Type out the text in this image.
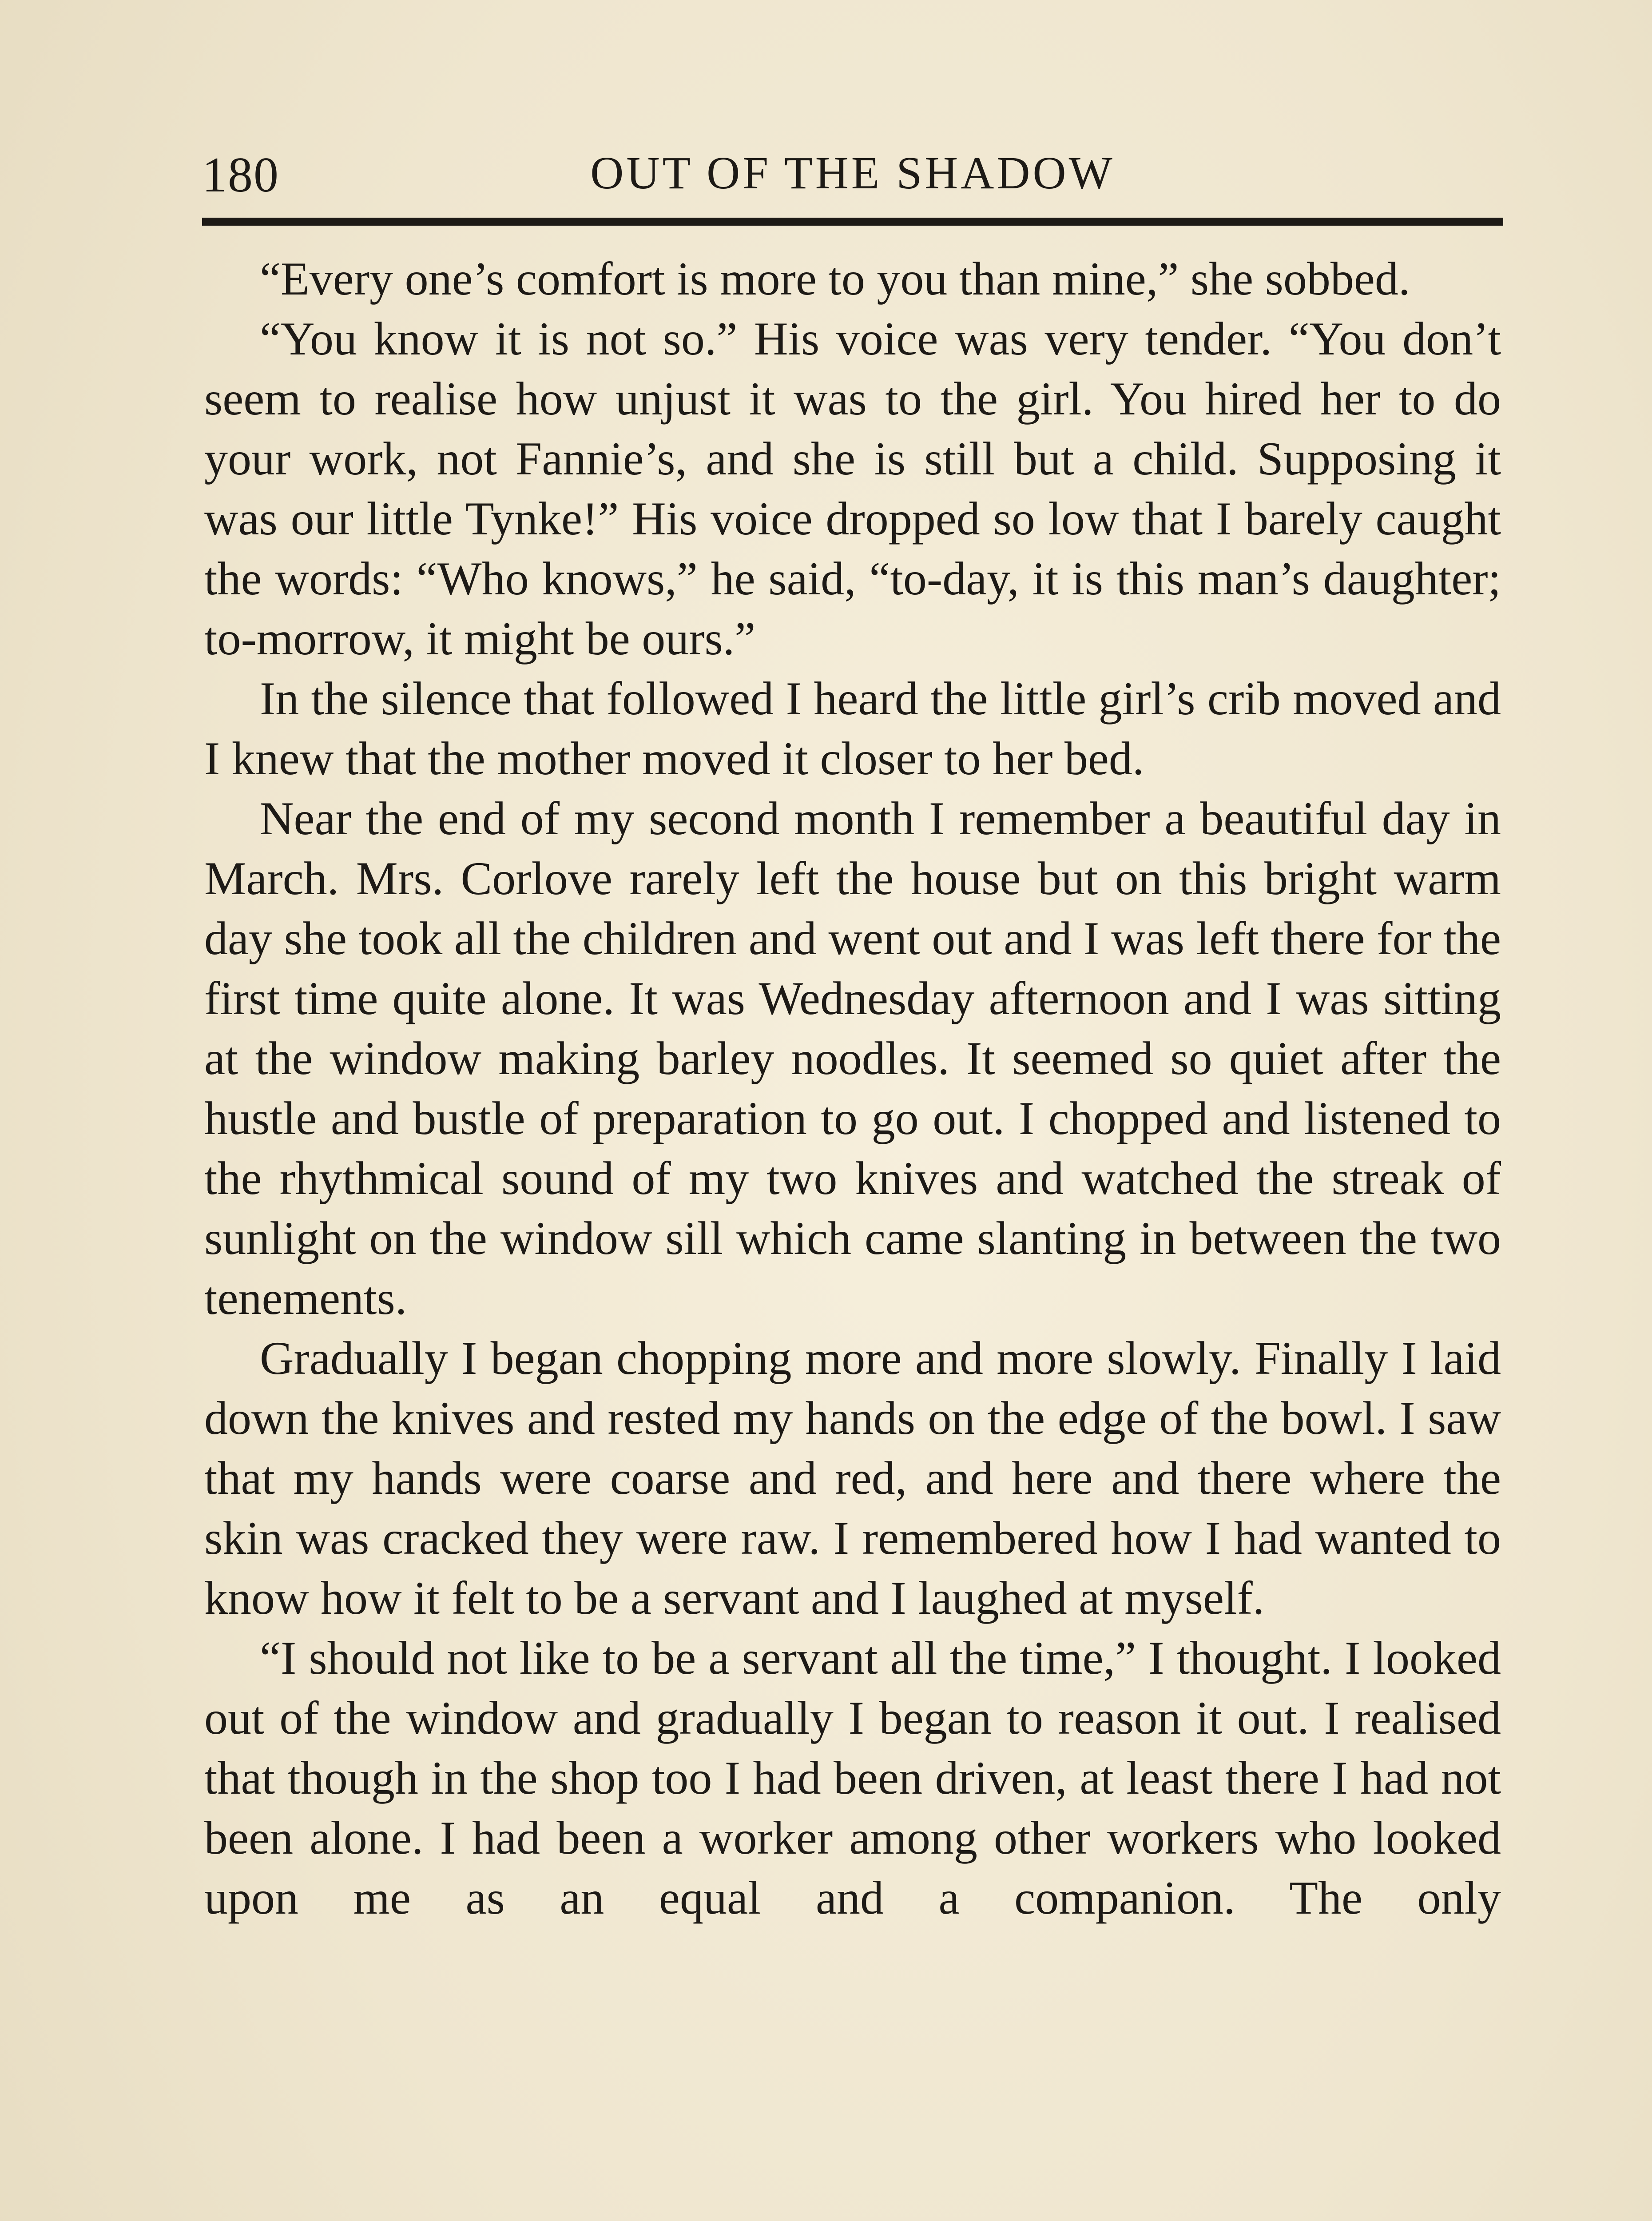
180	OUT OF THE SHADOW

“Every one’s comfort is more to you than mine,” she sobbed.

“You know it is not so.” His voice was very tender. “You don’t seem to realise how unjust it was to the girl. You hired her to do your work, not Fannie’s, and she is still but a child. Supposing it was our little Tynke!” His voice dropped so low that I barely caught the words: “Who knows,” he said, “to-day, it is this man’s daughter; to-morrow, it might be ours.”

In the silence that followed I heard the little girl’s crib moved and I knew that the mother moved it closer to her bed.

Near the end of my second month I remember a beautiful day in March. Mrs. Corlove rarely left the house but on this bright warm day she took all the children and went out and I was left there for the first time quite alone. It was Wednesday afternoon and I was sitting at the window making barley noodles. It seemed so quiet after the hustle and bustle of preparation to go out. I chopped and listened to the rhythmical sound of my two knives and watched the streak of sunlight on the window sill which came slanting in between the two tenements.

Gradually I began chopping more and more slowly. Finally I laid down the knives and rested my hands on the edge of the bowl. I saw that my hands were coarse and red, and here and there where the skin was cracked they were raw. I remembered how I had wanted to know how it felt to be a servant and I laughed at myself.

“I should not like to be a servant all the time,” I thought. I looked out of the window and gradually I began to reason it out. I realised that though in the shop too I had been driven, at least there I had not been alone. I had been a worker among other workers who looked upon me as an equal and a companion. The only
